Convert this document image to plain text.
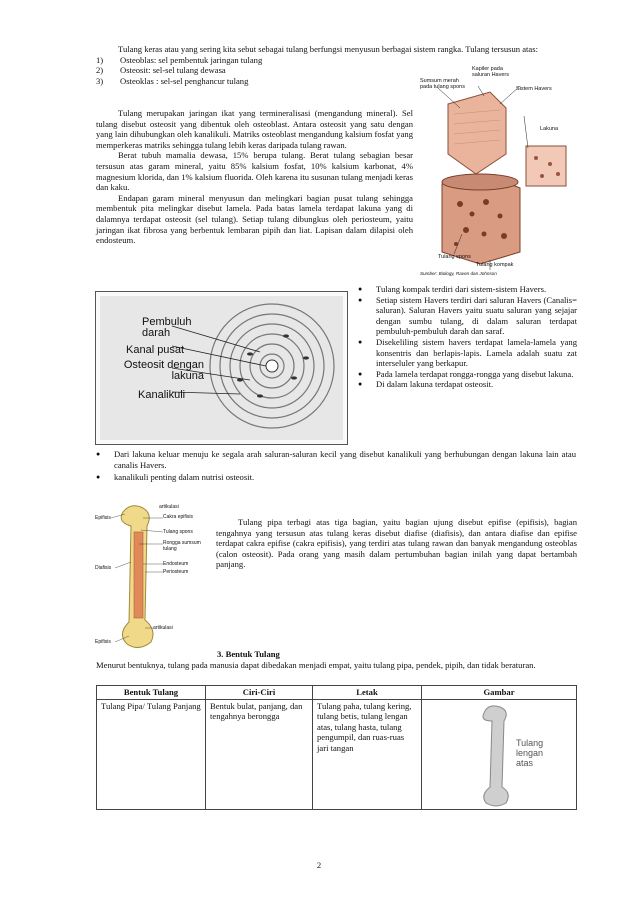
Tulang keras atau yang sering kita sebut sebagai tulang berfungsi menyusun berbagai sistem rangka. Tulang tersusun atas:

1)	Osteoblas: sel pembentuk jaringan tulang
2)	Osteosit: sel-sel tulang dewasa
3)	Osteoklas : sel-sel penghancur tulang

Tulang merupakan jaringan ikat yang termineralisasi (mengandung mineral). Sel tulang disebut osteosit yang dibentuk oleh osteoblast. Antara osteosit yang satu dengan yang lain dihubungkan oleh kanalikuli. Matriks osteoblast mengandung kalsium fosfat yang memperkeras matriks sehingga tulang lebih keras daripada tulang rawan.

Berat tubuh mamalia dewasa, 15% berupa tulang. Berat tulang sebagian besar tersusun atas garam mineral, yaitu 85% kalsium fosfat, 10% kalsium karbonat, 4% magnesium klorida, dan 1% kalsium fluorida. Oleh karena itu susunan tulang menjadi keras dan kaku.

Endapan garam mineral menyusun dan melingkari bagian pusat tulang sehingga membentuk pita melingkar disebut lamela. Pada batas lamela terdapat lakuna yang di dalamnya terdapat osteosit (sel tulang). Setiap tulang dibungkus oleh periosteum, yaitu jaringan ikat fibrosa yang berbentuk lembaran pipih dan liat. Lapisan dalam dilapisi oleh endosteum.

Sumsum merah pada tulang spons
Kapiler pada saluran Havers
Sistem Havers
Lakuna
Tulang spons
Tulang kompak
Sumber: Biology, Raven dan Johnson
Pembuluh darah
Kanal pusat
Osteosit dengan lakuna
Kanalikuli
●	Tulang kompak terdiri dari sistem-sistem Havers.
●	Setiap sistem Havers terdiri dari saluran Havers (Canalis= saluran). Saluran Havers yaitu suatu saluran yang sejajar dengan sumbu tulang, di dalam saluran terdapat pembuluh-pembuluh darah dan saraf.
●	Disekeliling sistem havers terdapat lamela-lamela yang konsentris dan berlapis-lapis. Lamela adalah suatu zat interseluler yang berkapur.
●	Pada lamela terdapat rongga-rongga yang disebut lakuna.
●	Di dalam lakuna terdapat osteosit.
●	Dari lakuna keluar menuju ke segala arah saluran-saluran kecil yang disebut kanalikuli yang berhubungan dengan lakuna lain atau canalis Havers.
●	kanalikuli penting dalam nutrisi osteosit.
artikulasi
Cakra epifisis
Epifisis
Tulang spons
Rongga sumsum tulang
Diafisis
Endosteum
Periosteum
artikulasi
Epifisis

Tulang pipa terbagi atas tiga bagian, yaitu bagian ujung disebut epifise (epifisis), bagian tengahnya yang tersusun atas tulang keras disebut diafise (diafisis), dan antara diafise dan epifise terdapat cakra epifise (cakra epifisis), yang terdiri atas tulang rawan dan banyak mengandung osteoblas (calon osteosit). Pada orang yang masih dalam pertumbuhan bagian inilah yang dapat bertambah panjang.

3. Bentuk Tulang
Menurut bentuknya, tulang pada manusia dapat dibedakan menjadi empat, yaitu tulang pipa, pendek, pipih, dan tidak beraturan.
Bentuk Tulang	Ciri-Ciri	Letak	Gambar
Tulang Pipa/ Tulang Panjang	Bentuk bulat, panjang, dan tengahnya berongga	Tulang paha, tulang kering, tulang betis, tulang lengan atas, tulang hasta, tulang pengumpil, dan ruas-ruas jari tangan	Tulang lengan atas
2
